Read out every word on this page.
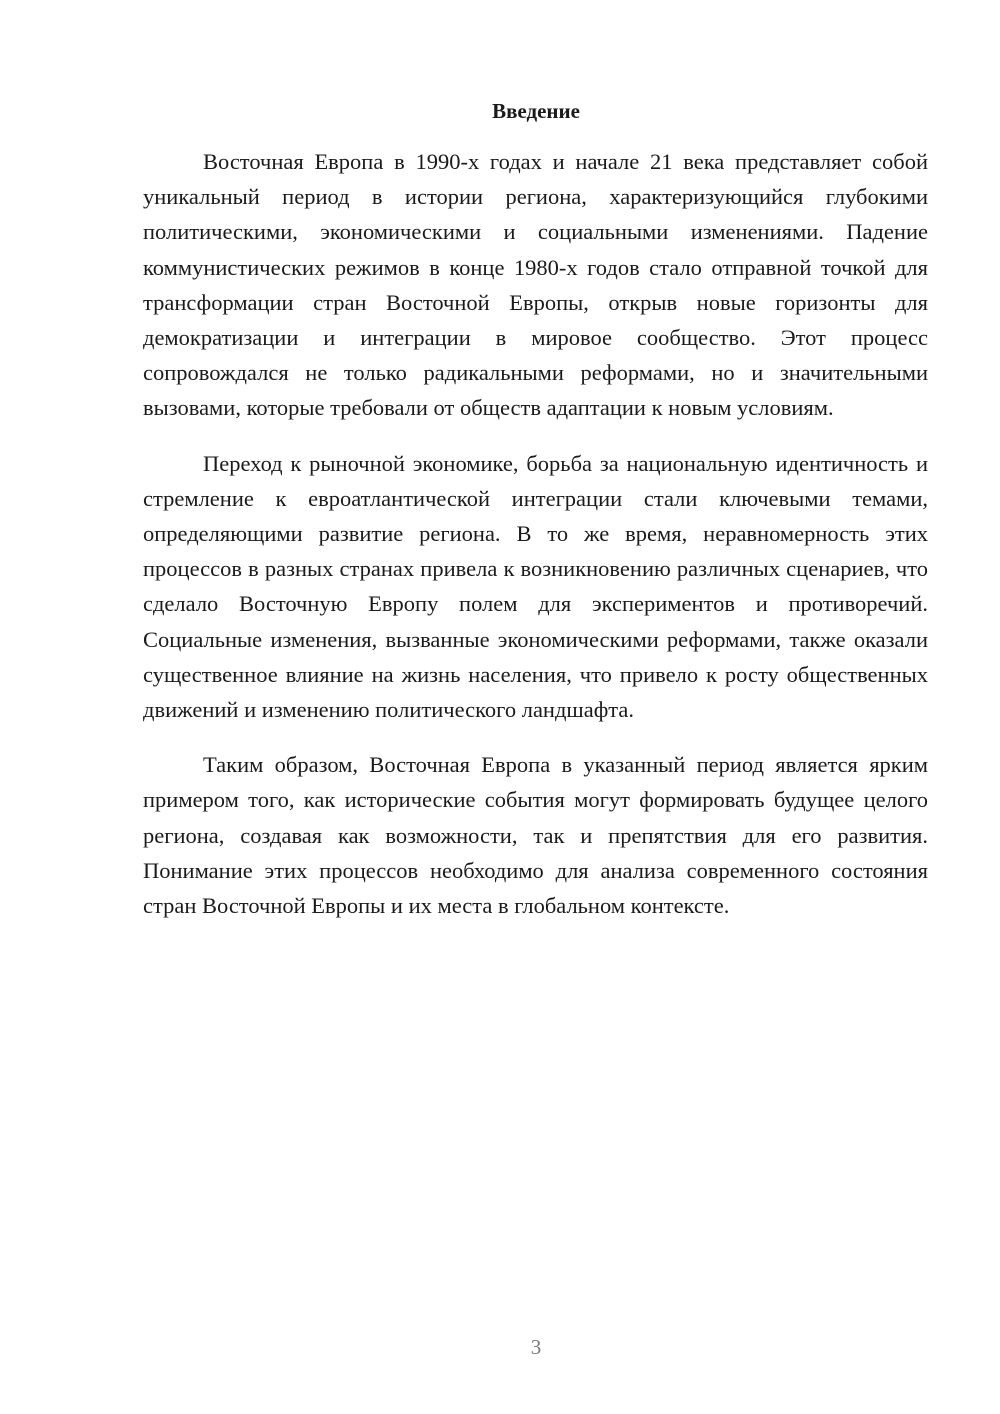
Введение

Восточная Европа в 1990-х годах и начале 21 века представляет собой уникальный период в истории региона, характеризующийся глубокими политическими, экономическими и социальными изменениями. Падение коммунистических режимов в конце 1980-х годов стало отправной точкой для трансформации стран Восточной Европы, открыв новые горизонты для демократизации и интеграции в мировое сообщество. Этот процесс сопровождался не только радикальными реформами, но и значительными вызовами, которые требовали от обществ адаптации к новым условиям.

Переход к рыночной экономике, борьба за национальную идентичность и стремление к евроатлантической интеграции стали ключевыми темами, определяющими развитие региона. В то же время, неравномерность этих процессов в разных странах привела к возникновению различных сценариев, что сделало Восточную Европу полем для экспериментов и противоречий. Социальные изменения, вызванные экономическими реформами, также оказали существенное влияние на жизнь населения, что привело к росту общественных движений и изменению политического ландшафта.

Таким образом, Восточная Европа в указанный период является ярким примером того, как исторические события могут формировать будущее целого региона, создавая как возможности, так и препятствия для его развития. Понимание этих процессов необходимо для анализа современного состояния стран Восточной Европы и их места в глобальном контексте.

3
